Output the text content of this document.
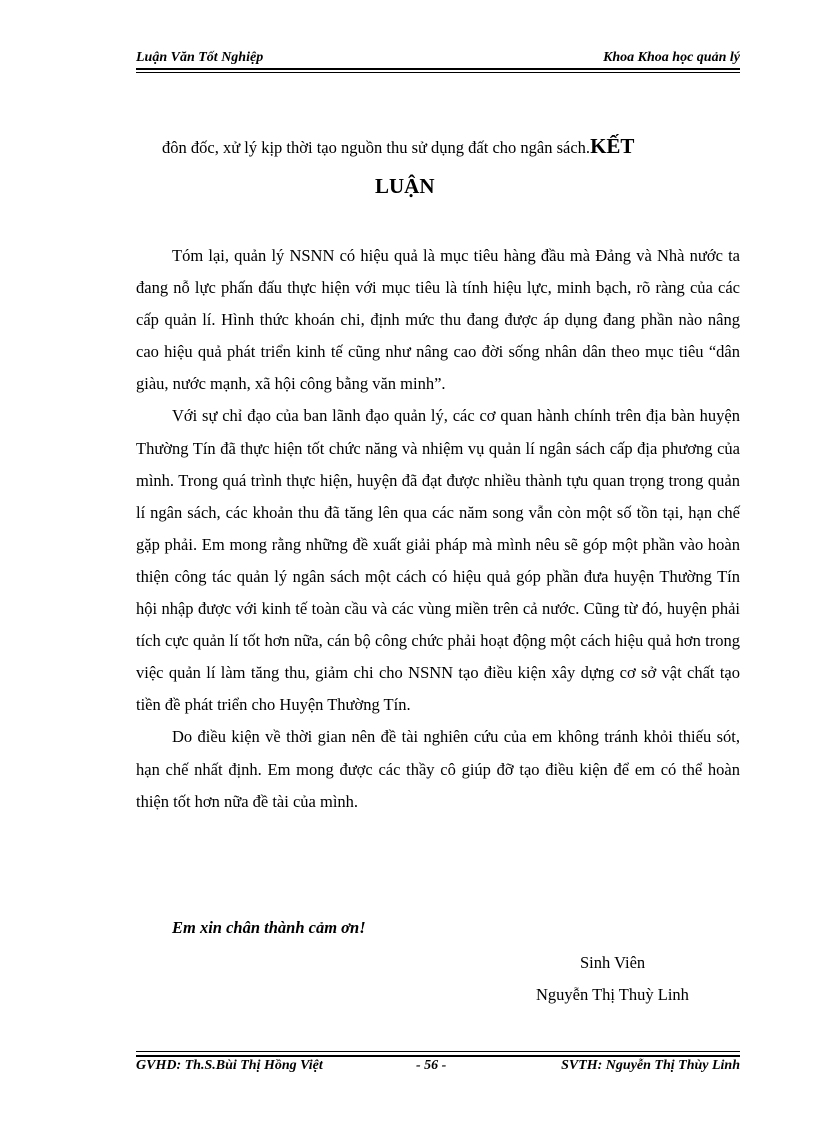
Luận Văn Tốt Nghiệp	Khoa Khoa học quản lý
đôn đốc, xử lý kịp thời tạo nguồn thu sử dụng đất cho ngân sách.KẾT
LUẬN

Tóm lại, quản lý NSNN có hiệu quả là mục tiêu hàng đầu mà Đảng và Nhà nước ta đang nỗ lực phấn đấu thực hiện với mục tiêu là tính hiệu lực, minh bạch, rõ ràng của các cấp quản lí. Hình thức khoán chi, định mức thu đang được áp dụng đang phần nào nâng cao hiệu quả phát triển kinh tế cũng như nâng cao đời sống nhân dân theo mục tiêu “dân giàu, nước mạnh, xã hội công bằng văn minh”.

Với sự chỉ đạo của ban lãnh đạo quản lý, các cơ quan hành chính trên địa bàn huyện Thường Tín đã thực hiện tốt chức năng và nhiệm vụ quản lí ngân sách cấp địa phương của mình. Trong quá trình thực hiện, huyện đã đạt được nhiều thành tựu quan trọng trong quản lí ngân sách, các khoản thu đã tăng lên qua các năm song vẫn còn một số tồn tại, hạn chế gặp phải. Em mong rằng những đề xuất giải pháp mà mình nêu sẽ góp một phần vào hoàn thiện công tác quản lý ngân sách một cách có hiệu quả góp phần đưa huyện Thường Tín hội nhập được với kinh tế toàn cầu và các vùng miền trên cả nước. Cũng từ đó, huyện phải tích cực quản lí tốt hơn nữa, cán bộ công chức phải hoạt động một cách hiệu quả hơn trong việc quản lí làm tăng thu, giảm chi cho NSNN tạo điều kiện xây dựng cơ sở vật chất tạo tiền đề phát triển cho Huyện Thường Tín.

Do điều kiện về thời gian nên đề tài nghiên cứu của em không tránh khỏi thiếu sót, hạn chế nhất định. Em mong được các thầy cô giúp đỡ tạo điều kiện để em có thể hoàn thiện tốt hơn nữa đề tài của mình.

Em xin chân thành cảm ơn!
Sinh Viên
Nguyễn Thị Thuỳ Linh
GVHD: Th.S.Bùi Thị Hồng Việt	- 56 -	SVTH: Nguyễn Thị Thùy Linh
